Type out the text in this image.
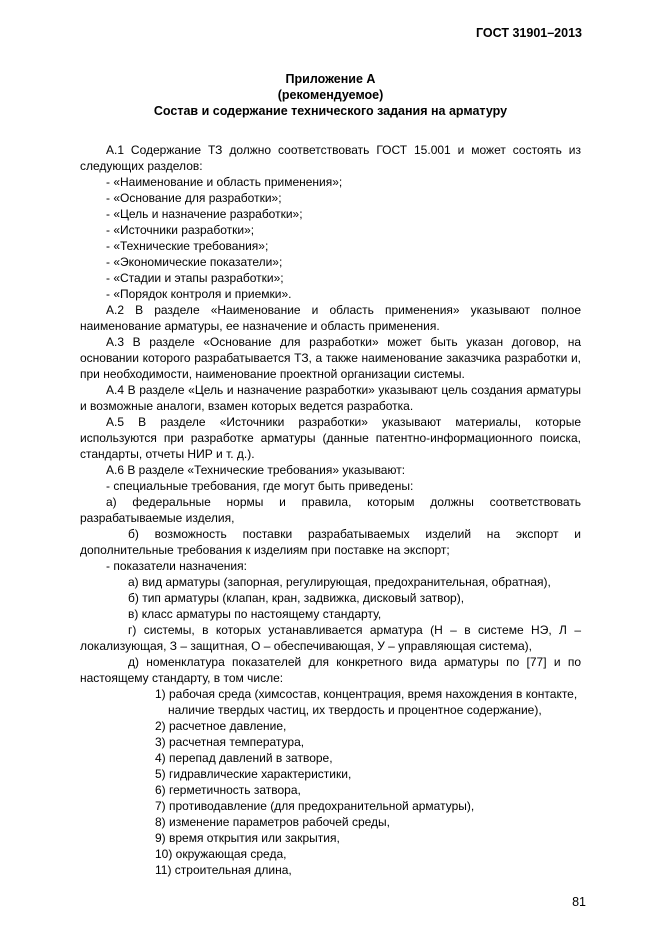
ГОСТ 31901–2013
Приложение А
(рекомендуемое)
Состав и содержание технического задания на арматуру

А.1 Содержание ТЗ должно соответствовать ГОСТ 15.001 и может состоять из следующих разделов:

- «Наименование и область применения»;

- «Основание для разработки»;

- «Цель и назначение разработки»;

- «Источники разработки»;

- «Технические требования»;

- «Экономические показатели»;

- «Стадии и этапы разработки»;

- «Порядок контроля и приемки».

А.2 В разделе «Наименование и область применения» указывают полное наименование арматуры, ее назначение и область применения.

А.3 В разделе «Основание для разработки» может быть указан договор, на основании которого разрабатывается ТЗ, а также наименование заказчика разработки и, при необходимости, наименование проектной организации системы.

А.4 В разделе «Цель и назначение разработки» указывают цель создания арматуры и возможные аналоги, взамен которых ведется разработка.

А.5 В разделе «Источники разработки» указывают материалы, которые используются при разработке арматуры (данные патентно-информационного поиска, стандарты, отчеты НИР и т. д.).

А.6 В разделе «Технические требования» указывают:

- специальные требования, где могут быть приведены:

а) федеральные нормы и правила, которым должны соответствовать разрабатываемые изделия,

б) возможность поставки разрабатываемых изделий на экспорт и дополнительные требования к изделиям при поставке на экспорт;

- показатели назначения:

а) вид арматуры (запорная, регулирующая, предохранительная, обратная),

б) тип арматуры (клапан, кран, задвижка, дисковый затвор),

в) класс арматуры по настоящему стандарту,

г) системы, в которых устанавливается арматура (Н – в системе НЭ, Л – локализующая, З – защитная, О – обеспечивающая, У – управляющая система),

д) номенклатура показателей для конкретного вида арматуры по [77] и по настоящему стандарту, в том числе:

1) рабочая среда (химсостав, концентрация, время нахождения в контакте, наличие твердых частиц, их твердость и процентное содержание),

2) расчетное давление,

3) расчетная температура,

4) перепад давлений в затворе,

5) гидравлические характеристики,

6) герметичность затвора,

7) противодавление (для предохранительной арматуры),

8) изменение параметров рабочей среды,

9) время открытия или закрытия,

10) окружающая среда,

11) строительная длина,

81
